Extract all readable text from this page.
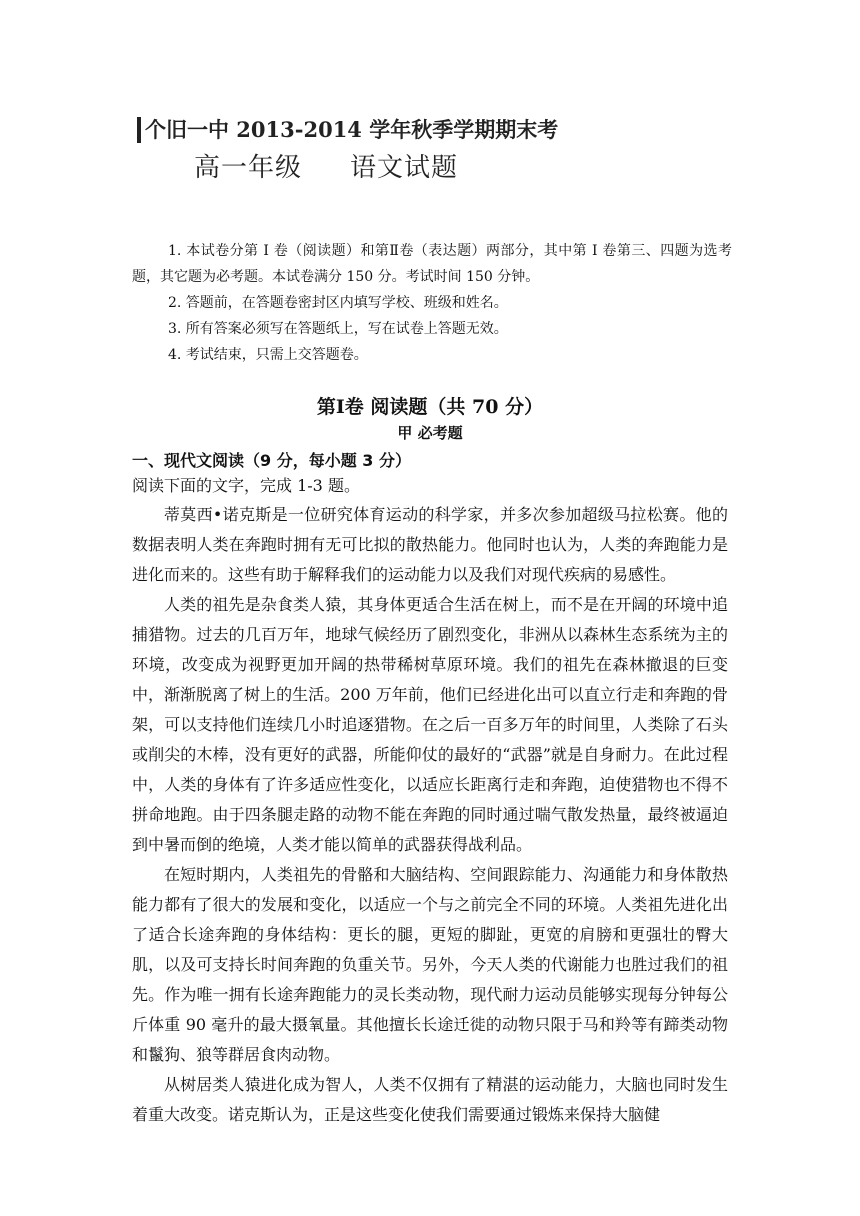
个旧一中 2013-2014 学年秋季学期期末考
高一年级 语文试题
1. 本试卷分第 I 卷（阅读题）和第Ⅱ卷（表达题）两部分，其中第 I 卷第三、四题为选考题，其它题为必考题。本试卷满分 150 分。考试时间 150 分钟。
2. 答题前，在答题卷密封区内填写学校、班级和姓名。
3. 所有答案必须写在答题纸上，写在试卷上答题无效。
4. 考试结束，只需上交答题卷。
第Ⅰ卷 阅读题（共 70 分）
甲 必考题
一、现代文阅读（9 分，每小题 3 分）
阅读下面的文字，完成 1-3 题。

蒂莫西•诺克斯是一位研究体育运动的科学家，并多次参加超级马拉松赛。他的数据表明人类在奔跑时拥有无可比拟的散热能力。他同时也认为，人类的奔跑能力是进化而来的。这些有助于解释我们的运动能力以及我们对现代疾病的易感性。

人类的祖先是杂食类人猿，其身体更适合生活在树上，而不是在开阔的环境中追捕猎物。过去的几百万年，地球气候经历了剧烈变化，非洲从以森林生态系统为主的环境，改变成为视野更加开阔的热带稀树草原环境。我们的祖先在森林撤退的巨变中，渐渐脱离了树上的生活。200 万年前，他们已经进化出可以直立行走和奔跑的骨架，可以支持他们连续几小时追逐猎物。在之后一百多万年的时间里，人类除了石头或削尖的木棒，没有更好的武器，所能仰仗的最好的“武器”就是自身耐力。在此过程中，人类的身体有了许多适应性变化，以适应长距离行走和奔跑，迫使猎物也不得不拼命地跑。由于四条腿走路的动物不能在奔跑的同时通过喘气散发热量，最终被逼迫到中暑而倒的绝境，人类才能以简单的武器获得战利品。

在短时期内，人类祖先的骨骼和大脑结构、空间跟踪能力、沟通能力和身体散热能力都有了很大的发展和变化，以适应一个与之前完全不同的环境。人类祖先进化出了适合长途奔跑的身体结构：更长的腿，更短的脚趾，更宽的肩膀和更强壮的臀大肌，以及可支持长时间奔跑的负重关节。另外，今天人类的代谢能力也胜过我们的祖先。作为唯一拥有长途奔跑能力的灵长类动物，现代耐力运动员能够实现每分钟每公斤体重 90 毫升的最大摄氧量。其他擅长长途迁徙的动物只限于马和羚等有蹄类动物和鬣狗、狼等群居食肉动物。

从树居类人猿进化成为智人，人类不仅拥有了精湛的运动能力，大脑也同时发生着重大改变。诺克斯认为，正是这些变化使我们需要通过锻炼来保持大脑健
